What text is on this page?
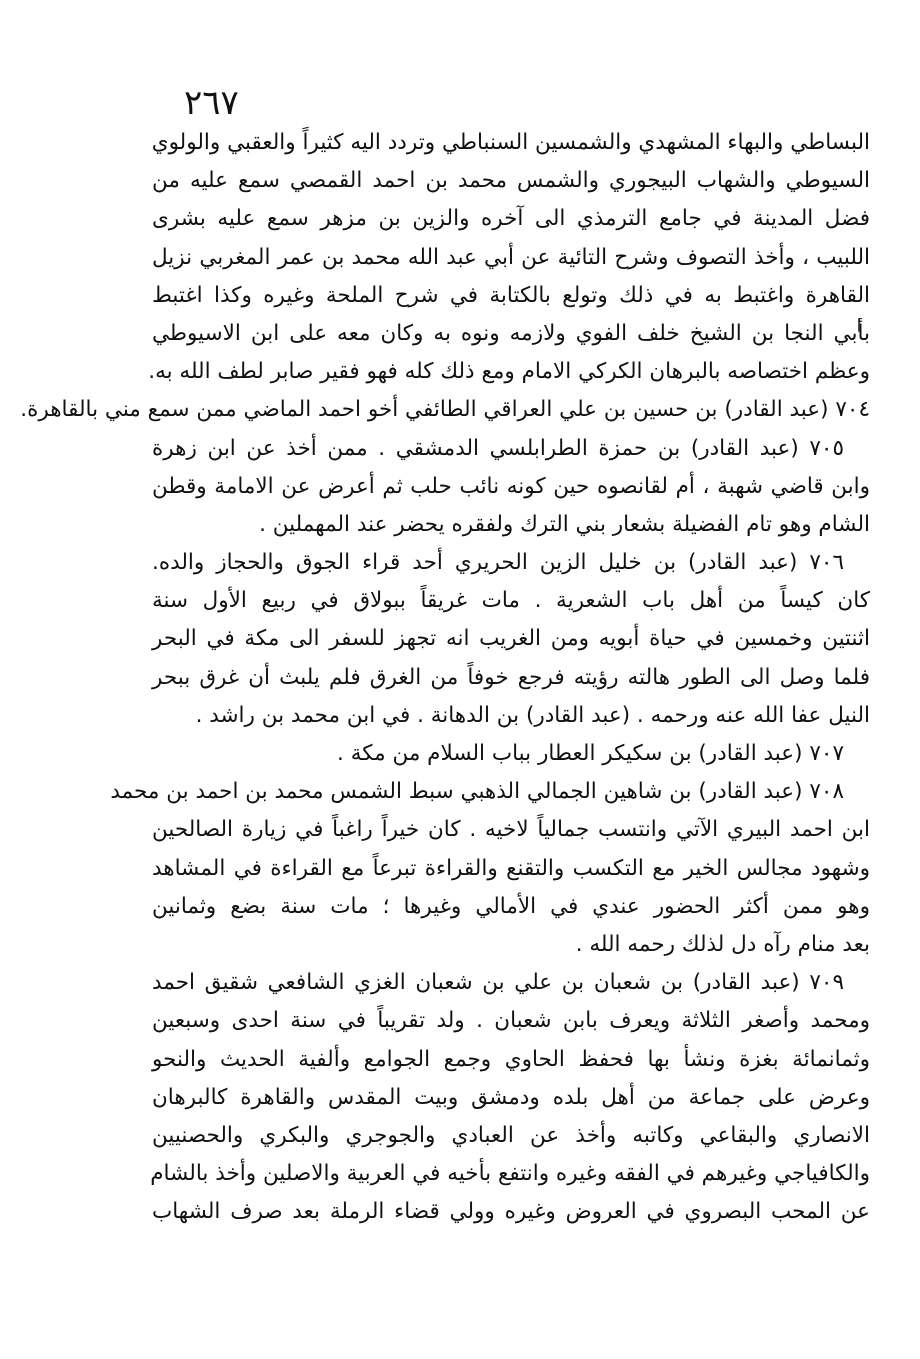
٢٦٧
البساطي والبهاء المشهدي والشمسين السنباطي وتردد اليه كثيراً والعقبي والولوي
السيوطي والشهاب البيجوري والشمس محمد بن احمد القمصي سمع عليه من
فضل المدينة في جامع الترمذي الى آخره والزين بن مزهر سمع عليه بشرى
اللبيب ، وأخذ التصوف وشرح التائية عن أبي عبد الله محمد بن عمر المغربي نزيل
القاهرة واغتبط به في ذلك وتولع بالكتابة في شرح الملحة وغيره وكذا اغتبط
بأبي النجا بن الشيخ خلف الفوي ولازمه ونوه به وكان معه على ابن الاسيوطي
وعظم اختصاصه بالبرهان الكركي الامام ومع ذلك كله فهو فقير صابر لطف الله به.
٧٠٤ (عبد القادر) بن حسين بن علي العراقي الطائفي أخو احمد الماضي ممن سمع مني بالقاهرة.
٧٠٥ (عبد القادر) بن حمزة الطرابلسي الدمشقي . ممن أخذ عن ابن زهرة
وابن قاضي شهبة ، أم لقانصوه حين كونه نائب حلب ثم أعرض عن الامامة وقطن
الشام وهو تام الفضيلة بشعار بني الترك ولفقره يحضر عند المهملين .
٧٠٦ (عبد القادر) بن خليل الزين الحريري أحد قراء الجوق والحجاز والده.
كان كيساً من أهل باب الشعرية . مات غريقاً ببولاق في ربيع الأول سنة
اثنتين وخمسين في حياة أبويه ومن الغريب انه تجهز للسفر الى مكة في البحر
فلما وصل الى الطور هالته رؤيته فرجع خوفاً من الغرق فلم يلبث أن غرق ببحر
النيل عفا الله عنه ورحمه . (عبد القادر) بن الدهانة . في ابن محمد بن راشد .
٧٠٧ (عبد القادر) بن سكيكر العطار بباب السلام من مكة .
٧٠٨ (عبد القادر) بن شاهين الجمالي الذهبي سبط الشمس محمد بن احمد بن محمد
ابن احمد البيري الآتي وانتسب جمالياً لاخيه . كان خيراً راغباً في زيارة الصالحين
وشهود مجالس الخير مع التكسب والتقنع والقراءة تبرعاً مع القراءة في المشاهد
وهو ممن أكثر الحضور عندي في الأمالي وغيرها ؛ مات سنة بضع وثمانين
بعد منام رآه دل لذلك رحمه الله .
٧٠٩ (عبد القادر) بن شعبان بن علي بن شعبان الغزي الشافعي شقيق احمد
ومحمد وأصغر الثلاثة ويعرف بابن شعبان . ولد تقريباً في سنة احدى وسبعين
وثمانمائة بغزة ونشأ بها فحفظ الحاوي وجمع الجوامع وألفية الحديث والنحو
وعرض على جماعة من أهل بلده ودمشق وبيت المقدس والقاهرة كالبرهان
الانصاري والبقاعي وكاتبه وأخذ عن العبادي والجوجري والبكري والحصنيين
والكافياجي وغيرهم في الفقه وغيره وانتفع بأخيه في العربية والاصلين وأخذ بالشام
عن المحب البصروي في العروض وغيره وولي قضاء الرملة بعد صرف الشهاب
